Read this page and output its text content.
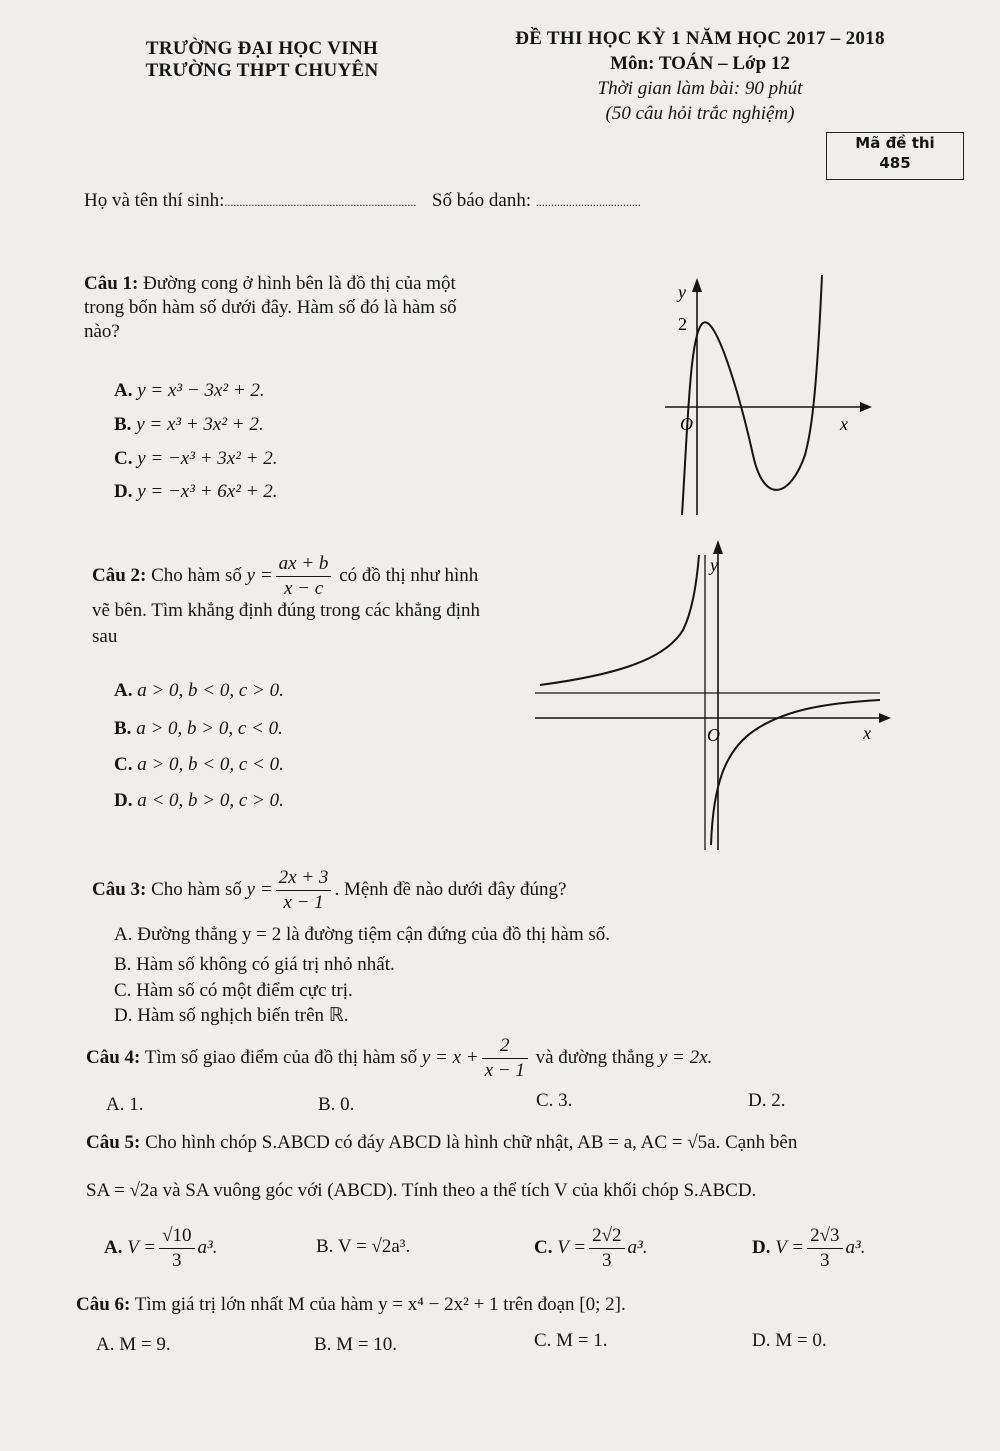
TRƯỜNG ĐẠI HỌC VINH
TRƯỜNG THPT CHUYÊN
ĐỀ THI HỌC KỲ 1 NĂM HỌC 2017 – 2018
Môn: TOÁN – Lớp 12
Thời gian làm bài: 90 phút
(50 câu hỏi trắc nghiệm)
Mã đề thi
485
Họ và tên thí sinh:................................................................ Số báo danh: ...................................
Câu 1: Đường cong ở hình bên là đồ thị của một
trong bốn hàm số dưới đây. Hàm số đó là hàm số
nào?
A. y = x³ − 3x² + 2.
B. y = x³ + 3x² + 2.
C. y = −x³ + 3x² + 2.
D. y = −x³ + 6x² + 2.
y
2
O	x
Câu 2: Cho hàm số $y = \frac{ax + b}{x - c}$ có đồ thị như hình
vẽ bên. Tìm khẳng định đúng trong các khẳng định
sau
A. a > 0, b < 0, c > 0.
B. a > 0, b > 0, c < 0.
C. a > 0, b < 0, c < 0.
D. a < 0, b > 0, c > 0.
y
O	x
Câu 3: Cho hàm số $y = \frac{2x + 3}{x - 1}$ . Mệnh đề nào dưới đây đúng?
A. Đường thẳng y = 2 là đường tiệm cận đứng của đồ thị hàm số.
B. Hàm số không có giá trị nhỏ nhất.
C. Hàm số có một điểm cực trị.
D. Hàm số nghịch biến trên ℝ.
Câu 4: Tìm số giao điểm của đồ thị hàm số $y = x + \frac{2}{x - 1}$ và đường thẳng y = 2x.
A. 1.	B. 0.	C. 3.	D. 2.
Câu 5: Cho hình chóp S.ABCD có đáy ABCD là hình chữ nhật, AB = a, AC = √5a. Cạnh bên
SA = √2a và SA vuông góc với (ABCD). Tính theo a thể tích V của khối chóp S.ABCD.
A. $V = \frac{√10}{3} a^3$.	B. V = √2a³.	C. $V = \frac{2√2}{3} a^3$.	D. $V = \frac{2√3}{3} a^3$.
Câu 6: Tìm giá trị lớn nhất M của hàm y = x⁴ − 2x² + 1 trên đoạn [0; 2].
A. M = 9.	B. M = 10.	C. M = 1.	D. M = 0.
